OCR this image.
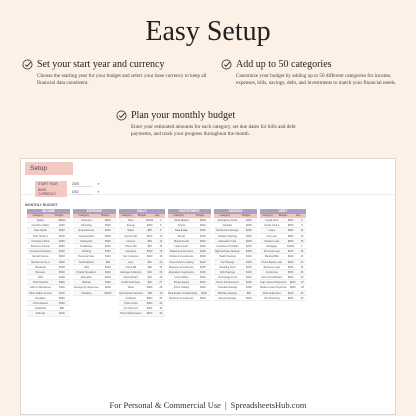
Easy Setup
Set your start year and currency
Choose the starting year for your budget and select your base currency to keep all financial data consistent.
Add up to 50 categories
Customize your budget by adding up to 50 different categories for income, expenses, bills, savings, debt, and investments to match your financial needs.
Plan your monthly budget
Enter your estimated amounts for each category, set due dates for bills and debt payments, and track your progress throughout the month.
Setup
START YEAR	2025	▼
BASE CURRENCY
USD	▼
MONTHLY BUDGET
INCOME
Category	Budget
Salary	$5000
Overtime Salary	$300
Side Hustle	$500
Side Hustle 2	$200
Freelance Work	$300
Business Income	$800
Investment Returns	$200
Rental Income	$600
Rental Income 2	$400
Dividends	$200
Bonuses	$500
Gifts	$100
Child Support	$300
Gifts or Allowances	$100
Other Stable Income	$200
Royalties	$200
Commissions	$300
Cashback	$50
Refunds	$100
EXPENSE
Category	Budget
Groceries	$600
Shopping	$300
Entertainment	$200
Transportation	$250
Eating Out	$300
Healthcare	$200
Clothing	$150
Personal Care	$100
Subscriptions	$50
Gifts	$100
Charity Donations	$100
Education	$200
Hobbies	$150
Emergency Expenses	$200
Wedding	$1000
BILLS
Category	Budget	Day
Rent	$1200	1
Energy	$150	5
Water	$80	5
Council Tax	$120	10
Internet	$60	12
Phone Bill	$50	15
Insurance	$150	15
Car Insurance	$100	18
Gym	$40	20
Home Bill	$90	22
Garbage Collection	$30	25
Subscriptions	$20	26
Credit Card Fees	$25	27
Taxes	$300	28
Subscription Services	$35	28
Childcare	$500	29
Tuition Fees	$400	30
Car Payment	$350	30
Home Maintenance	$100	30
INVESTMENT
Category	Budget
Stock Market	$500
Crypto	$200
Real Estate	$300
Bonds	$150
Mutual Funds	$250
Index Funds	$300
Retirement Accounts	$400
Dividend Investments	$200
Peer-to-Peer Lending	$100
Business Investments	$300
Education Investments	$150
Commodities	$100
Private Equity	$200
Forex Trading	$100
Real Estate Crowdfunding	$200
Business Investments	$200
SAVINGS
Category	Budget
Emergency Fund	$300
Vacation	$200
Retirement Savings	$250
Vacation Savings	$150
Education Fund	$200
Investment Portfolio	$200
Big Purchase Savings	$300
Health Savings	$100
Car Savings	$150
Wedding Fund	$200
Child Savings	$100
Technology Fund	$100
Home Improvement	$150
Travelled Savings	$150
Birthday Savings	$50
Special Savings	$100
DEBT
Category	Budget	Day
Credit Card	$300	5
Credit Card 2	$150	8
Loans	$400	10
Car Loan	$350	12
Student Loan	$250	15
Mortgage	$1200	1
Personal Loan	$200	18
Medical Bills	$100	20
Home Equity Loan	$300	22
Business Loan	$400	24
Credit Line	$150	25
Debt Consolidation	$300	26
Loan Interest Payments	$100	27
Student Loan Payments	$200	28
Debt Settlement	$100	29
Car Financing	$250	30
For Personal & Commercial Use | SpreadsheetsHub.com
